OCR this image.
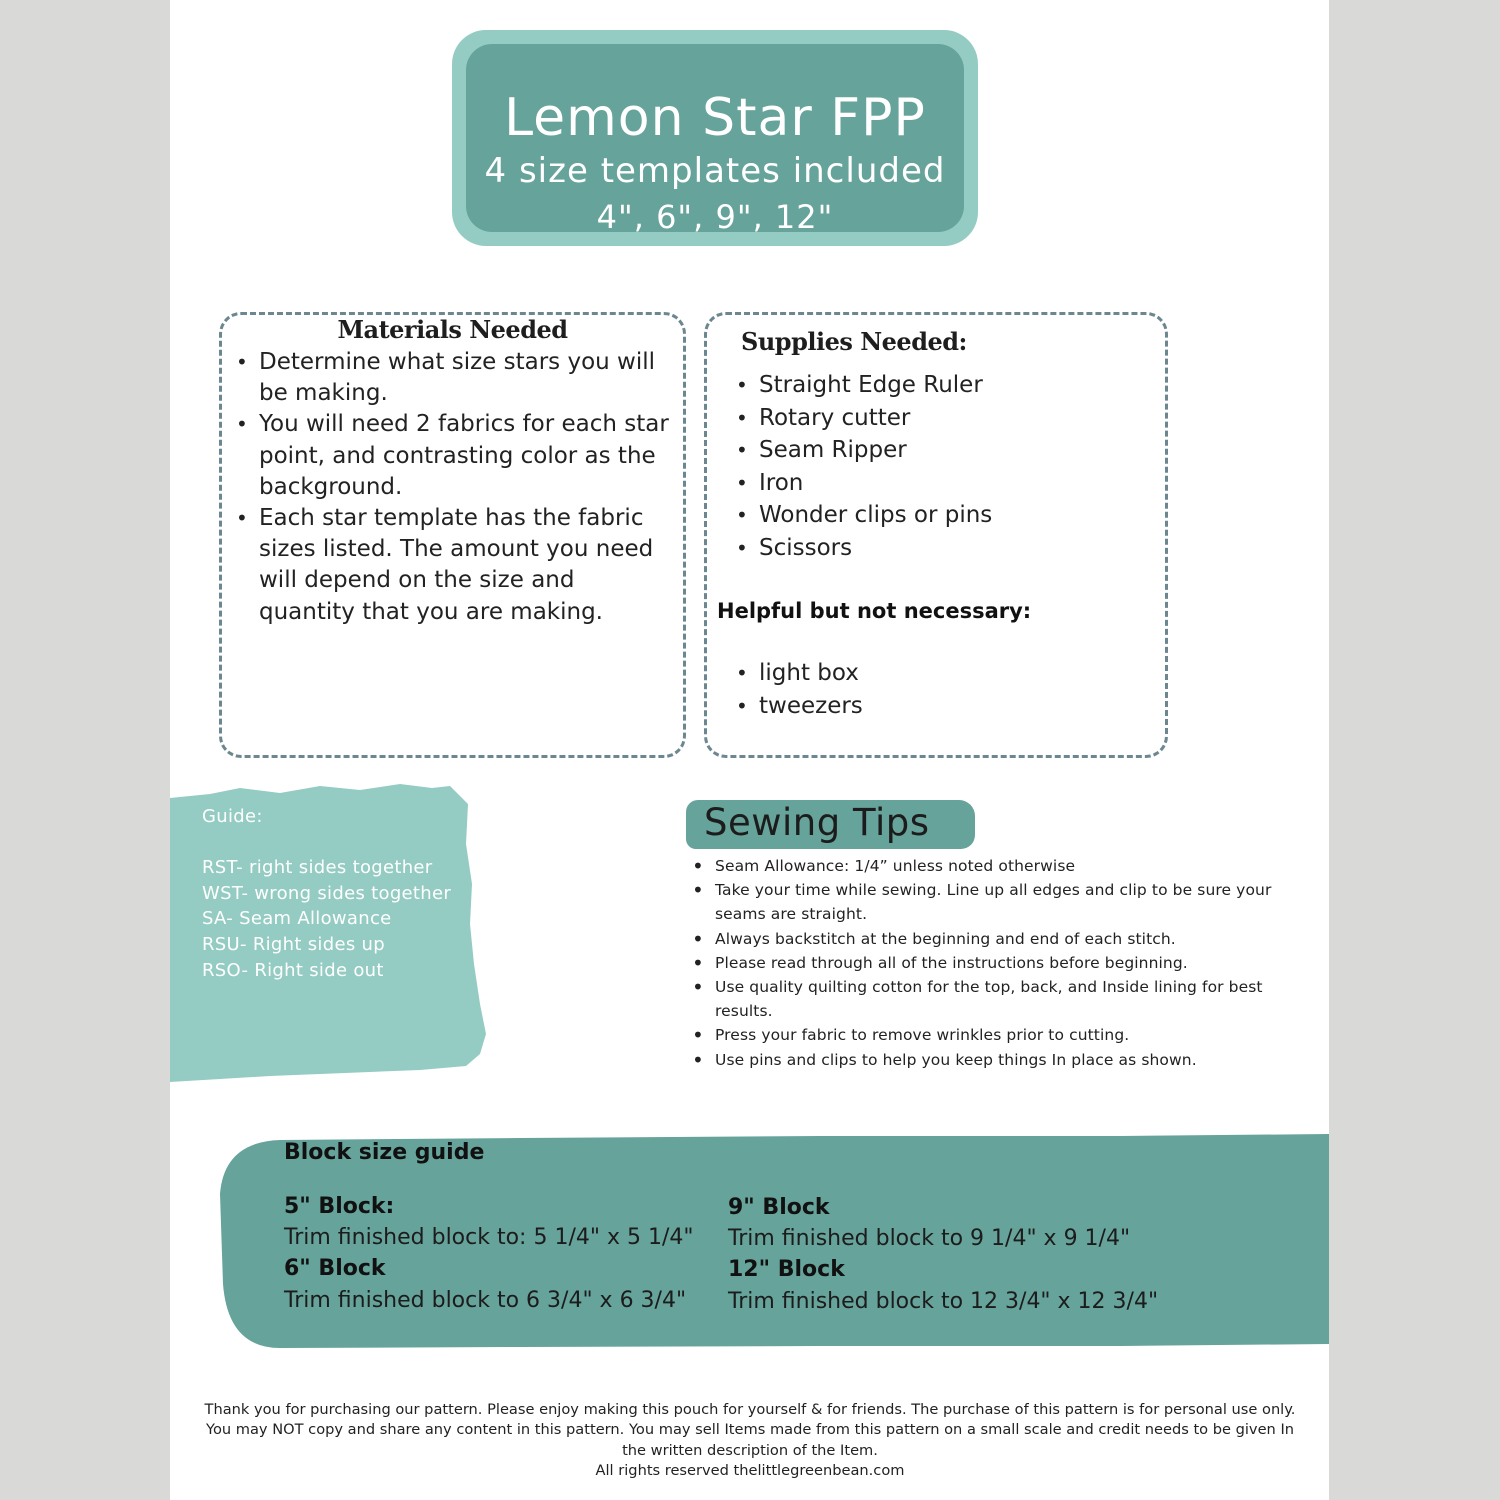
Lemon Star FPP
4 size templates included
4", 6", 9", 12"
Materials Needed
• Determine what size stars you will be making.
• You will need 2 fabrics for each star point, and contrasting color as the background.
• Each star template has the fabric sizes listed. The amount you need will depend on the size and quantity that you are making.
Supplies Needed:
• Straight Edge Ruler
• Rotary cutter
• Seam Ripper
• Iron
• Wonder clips or pins
• Scissors
Helpful but not necessary:
• light box
• tweezers
Guide:
RST- right sides together
WST- wrong sides together
SA- Seam Allowance
RSU- Right sides up
RSO- Right side out
Sewing Tips
• Seam Allowance: 1/4” unless noted otherwise
• Take your time while sewing. Line up all edges and clip to be sure your seams are straight.
• Always backstitch at the beginning and end of each stitch.
• Please read through all of the instructions before beginning.
• Use quality quilting cotton for the top, back, and Inside lining for best results.
• Press your fabric to remove wrinkles prior to cutting.
• Use pins and clips to help you keep things In place as shown.
Block size guide
5" Block:
Trim finished block to: 5 1/4" x 5 1/4"
6" Block
Trim finished block to 6 3/4" x 6 3/4"
9" Block
Trim finished block to 9 1/4" x 9 1/4"
12" Block
Trim finished block to 12 3/4" x 12 3/4"
Thank you for purchasing our pattern. Please enjoy making this pouch for yourself & for friends. The purchase of this pattern is for personal use only. You may NOT copy and share any content in this pattern. You may sell Items made from this pattern on a small scale and credit needs to be given In the written description of the Item.
All rights reserved thelittlegreenbean.com
